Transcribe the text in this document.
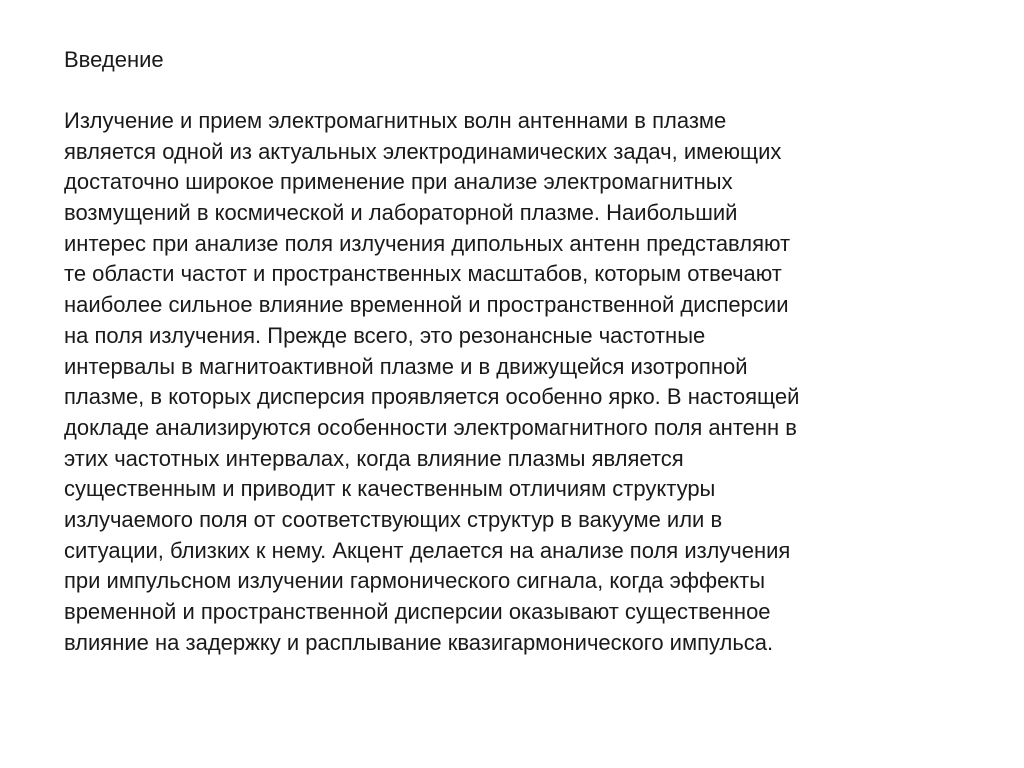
Введение
Излучение и прием электромагнитных волн антеннами в плазме
является одной из актуальных электродинамических задач, имеющих
достаточно широкое применение при анализе электромагнитных
возмущений в космической и лабораторной плазме. Наибольший
интерес при анализе поля излучения дипольных антенн представляют
те области частот и пространственных масштабов, которым отвечают
наиболее сильное влияние временной и пространственной дисперсии
на поля излучения. Прежде всего, это резонансные частотные
интервалы в магнитоактивной плазме и в движущейся изотропной
плазме, в которых дисперсия проявляется особенно ярко. В настоящей
докладе анализируются особенности электромагнитного поля антенн в
этих частотных интервалах, когда влияние плазмы является
существенным и приводит к качественным отличиям структуры
излучаемого поля от соответствующих структур в вакууме или в
ситуации, близких к нему. Акцент делается на анализе поля излучения
при импульсном излучении гармонического сигнала, когда эффекты
временной и пространственной дисперсии оказывают существенное
влияние на задержку и расплывание квазигармонического импульса.
